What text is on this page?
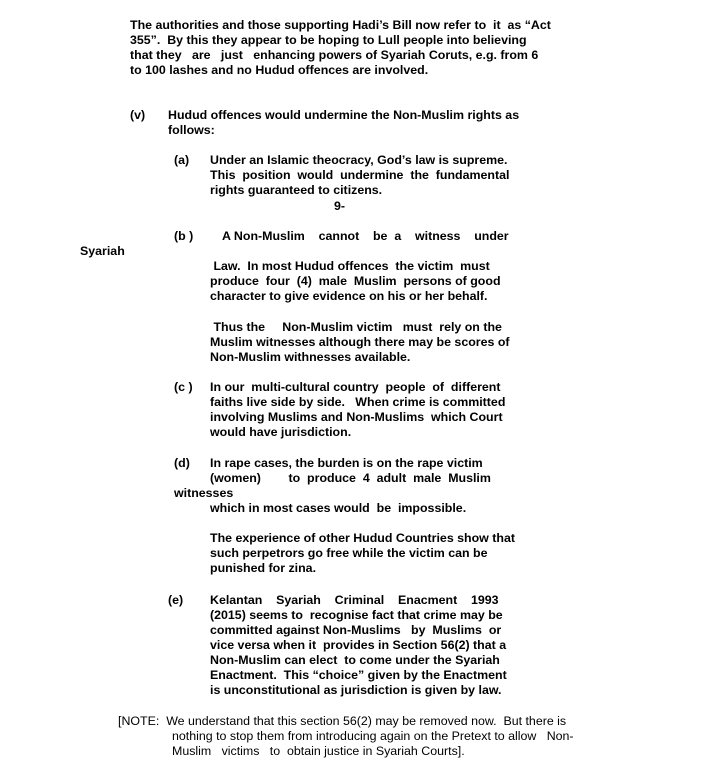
The authorities and those supporting Hadi’s Bill now refer to  it  as “Act
355”.  By this they appear to be hoping to Lull people into believing
that they   are   just   enhancing powers of Syariah Coruts, e.g. from 6
to 100 lashes and no Hudud offences are involved.
(v) Hudud offences would undermine the Non-Muslim rights as
follows:
(a) Under an Islamic theocracy, God’s law is supreme.
This  position  would  undermine  the  fundamental
rights guaranteed to citizens.
9-
(b ) A Non-Muslim    cannot    be  a    witness    under
Syariah
Law.  In most Hudud offences  the victim  must
produce  four  (4)  male  Muslim  persons of good
character to give evidence on his or her behalf.
Thus the     Non-Muslim victim   must  rely on the
Muslim witnesses although there may be scores of
Non-Muslim withnesses available.
(c ) In our  multi-cultural country  people  of  different
faiths live side by side.   When crime is committed
involving Muslims and Non-Muslims  which Court
would have jurisdiction.
(d) In rape cases, the burden is on the rape victim
(women)        to  produce  4  adult  male  Muslim
witnesses
which in most cases would  be  impossible.
The experience of other Hudud Countries show that
such perpetrors go free while the victim can be
punished for zina.
(e) Kelantan    Syariah    Criminal    Enacment    1993
(2015) seems to  recognise fact that crime may be
committed against Non-Muslims   by  Muslims  or
vice versa when it  provides in Section 56(2) that a
Non-Muslim can elect  to come under the Syariah
Enactment.  This “choice” given by the Enactment
is unconstitutional as jurisdiction is given by law.
[NOTE:  We understand that this section 56(2) may be removed now.  But there is
nothing to stop them from introducing again on the Pretext to allow   Non-
Muslim   victims   to  obtain justice in Syariah Courts].
